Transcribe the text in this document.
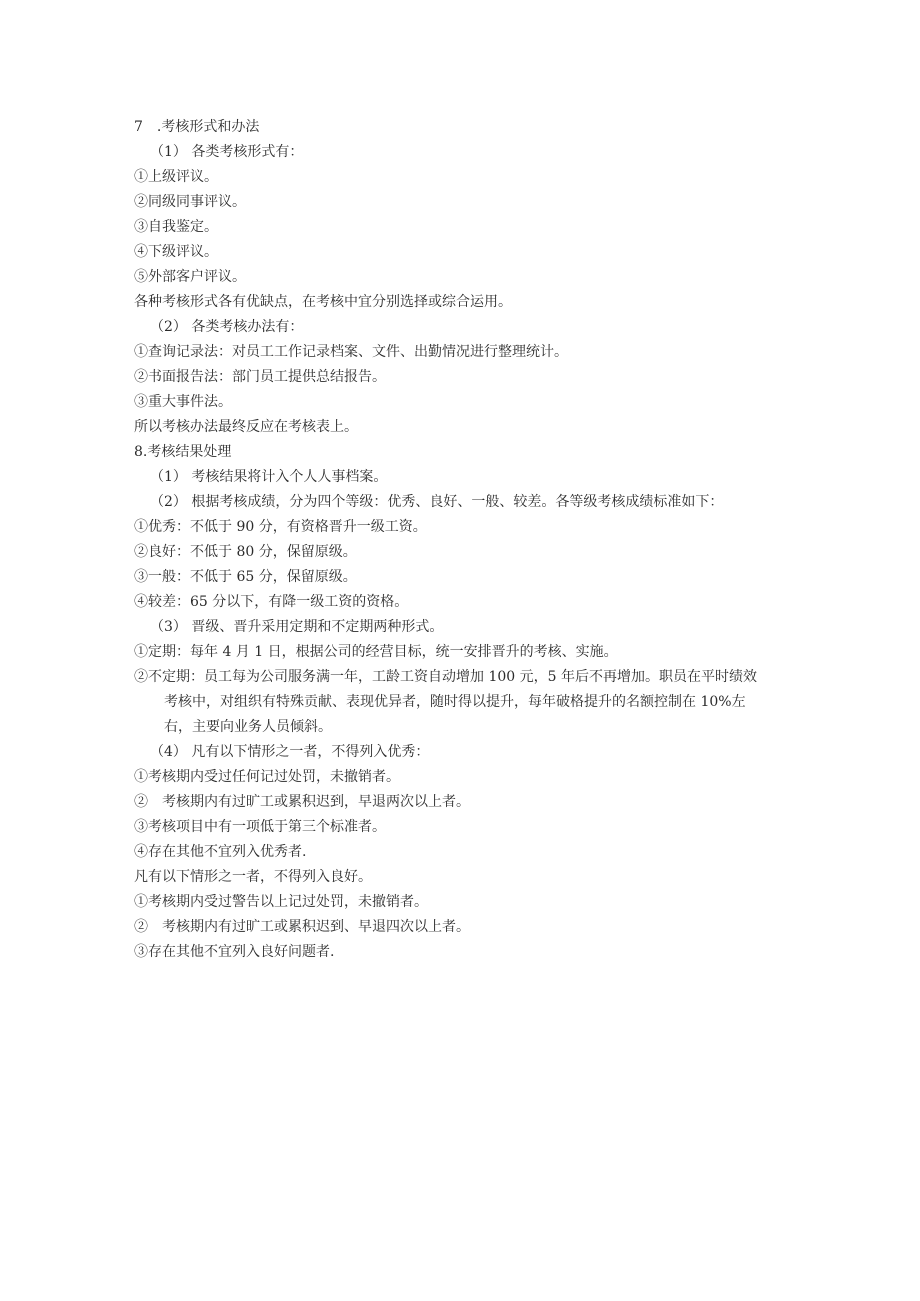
7　.考核形式和办法
（1） 各类考核形式有：
①上级评议。
②同级同事评议。
③自我鉴定。
④下级评议。
⑤外部客户评议。
各种考核形式各有优缺点，在考核中宜分别选择或综合运用。
（2） 各类考核办法有：
①查询记录法：对员工工作记录档案、文件、出勤情况进行整理统计。
②书面报告法：部门员工提供总结报告。
③重大事件法。
所以考核办法最终反应在考核表上。
8.考核结果处理
（1） 考核结果将计入个人人事档案。
（2） 根据考核成绩，分为四个等级：优秀、良好、一般、较差。各等级考核成绩标准如下：
①优秀：不低于 90 分，有资格晋升一级工资。
②良好：不低于 80 分，保留原级。
③一般：不低于 65 分，保留原级。
④较差：65 分以下，有降一级工资的资格。
（3） 晋级、晋升采用定期和不定期两种形式。
①定期：每年 4 月 1 日，根据公司的经营目标，统一安排晋升的考核、实施。
②不定期：员工每为公司服务满一年，工龄工资自动增加 100 元，5 年后不再增加。职员在平时绩效
考核中，对组织有特殊贡献、表现优异者，随时得以提升，每年破格提升的名额控制在 10%左
右，主要向业务人员倾斜。
（4） 凡有以下情形之一者，不得列入优秀：
①考核期内受过任何记过处罚，未撤销者。
②　考核期内有过旷工或累积迟到，早退两次以上者。
③考核项目中有一项低于第三个标准者。
④存在其他不宜列入优秀者.
凡有以下情形之一者，不得列入良好。
①考核期内受过警告以上记过处罚，未撤销者。
②　考核期内有过旷工或累积迟到、早退四次以上者。
③存在其他不宜列入良好问题者.
